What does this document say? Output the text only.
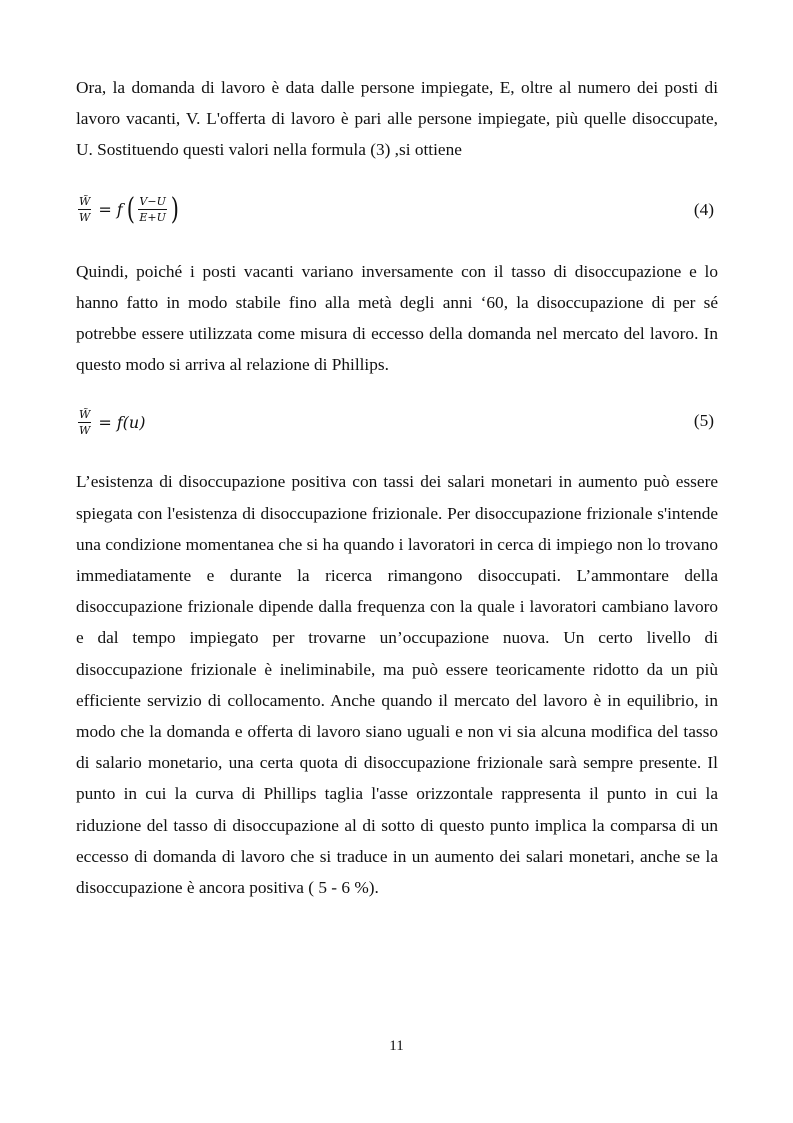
Ora, la domanda di lavoro è data dalle persone impiegate, E, oltre al numero dei posti di lavoro vacanti, V. L'offerta di lavoro è pari alle persone impiegate, più quelle disoccupate, U. Sostituendo questi valori nella formula (3) ,si ottiene

$\frac{W̃}{W} = f$ ( $\frac{V-U}{E+U}$ )	(4)

Quindi, poiché i posti vacanti variano inversamente con il tasso di disoccupazione e lo hanno fatto in modo stabile fino alla metà degli anni ‘60, la disoccupazione di per sé potrebbe essere utilizzata come misura di eccesso della domanda nel mercato del lavoro. In questo modo si arriva al relazione di Phillips.

$\frac{W̃}{W} = f(u)$	(5)

L’esistenza di disoccupazione positiva con tassi dei salari monetari in aumento può essere spiegata con l'esistenza di disoccupazione frizionale. Per disoccupazione frizionale s'intende una condizione momentanea che si ha quando i lavoratori in cerca di impiego non lo trovano immediatamente e durante la ricerca rimangono disoccupati. L’ammontare della disoccupazione frizionale dipende dalla frequenza con la quale i lavoratori cambiano lavoro e dal tempo impiegato per trovarne un’occupazione nuova. Un certo livello di disoccupazione frizionale è ineliminabile, ma può essere teoricamente ridotto da un più efficiente servizio di collocamento. Anche quando il mercato del lavoro è in equilibrio, in modo che la domanda e offerta di lavoro siano uguali e non vi sia alcuna modifica del tasso di salario monetario, una certa quota di disoccupazione frizionale sarà sempre presente. Il punto in cui la curva di Phillips taglia l'asse orizzontale rappresenta il punto in cui la riduzione del tasso di disoccupazione al di sotto di questo punto implica la comparsa di un eccesso di domanda di lavoro che si traduce in un aumento dei salari monetari, anche se la disoccupazione è ancora positiva ( 5 - 6 %).

11
